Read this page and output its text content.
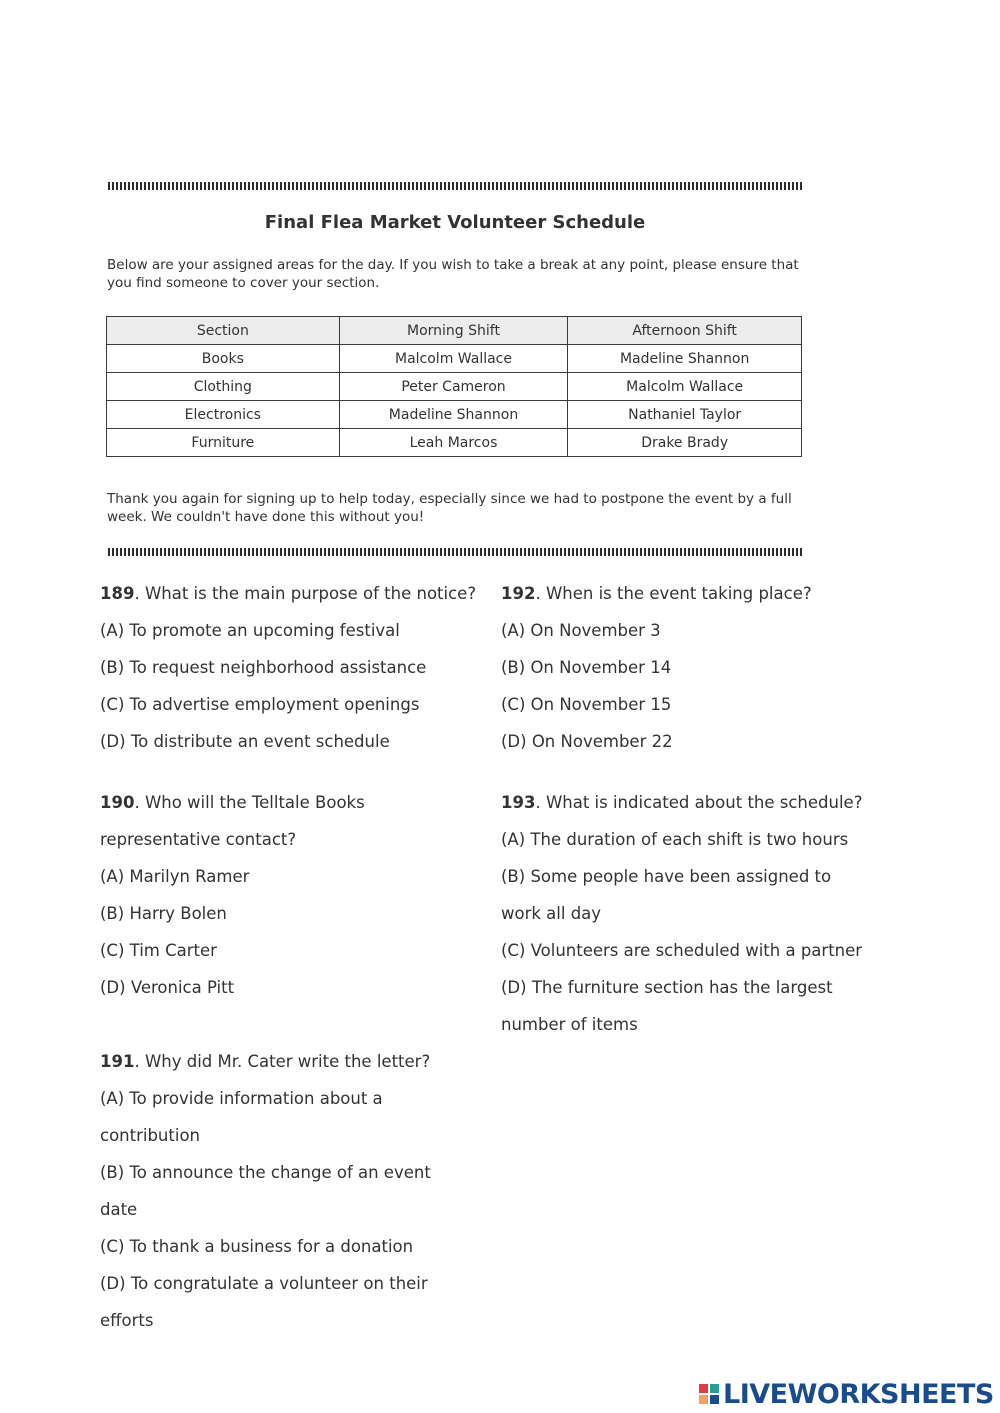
Final Flea Market Volunteer Schedule
Below are your assigned areas for the day. If you wish to take a break at any point, please ensure that you find someone to cover your section.
Section	Morning Shift	Afternoon Shift
Books	Malcolm Wallace	Madeline Shannon
Clothing	Peter Cameron	Malcolm Wallace
Electronics	Madeline Shannon	Nathaniel Taylor
Furniture	Leah Marcos	Drake Brady
Thank you again for signing up to help today, especially since we had to postpone the event by a full week. We couldn't have done this without you!
189. What is the main purpose of the notice?
(A) To promote an upcoming festival
(B) To request neighborhood assistance
(C) To advertise employment openings
(D) To distribute an event schedule
190. Who will the Telltale Books
representative contact?
(A) Marilyn Ramer
(B) Harry Bolen
(C) Tim Carter
(D) Veronica Pitt
191. Why did Mr. Cater write the letter?
(A) To provide information about a
contribution
(B) To announce the change of an event
date
(C) To thank a business for a donation
(D) To congratulate a volunteer on their
efforts
192. When is the event taking place?
(A) On November 3
(B) On November 14
(C) On November 15
(D) On November 22
193. What is indicated about the schedule?
(A) The duration of each shift is two hours
(B) Some people have been assigned to
work all day
(C) Volunteers are scheduled with a partner
(D) The furniture section has the largest
number of items
LIVEWORKSHEETS
